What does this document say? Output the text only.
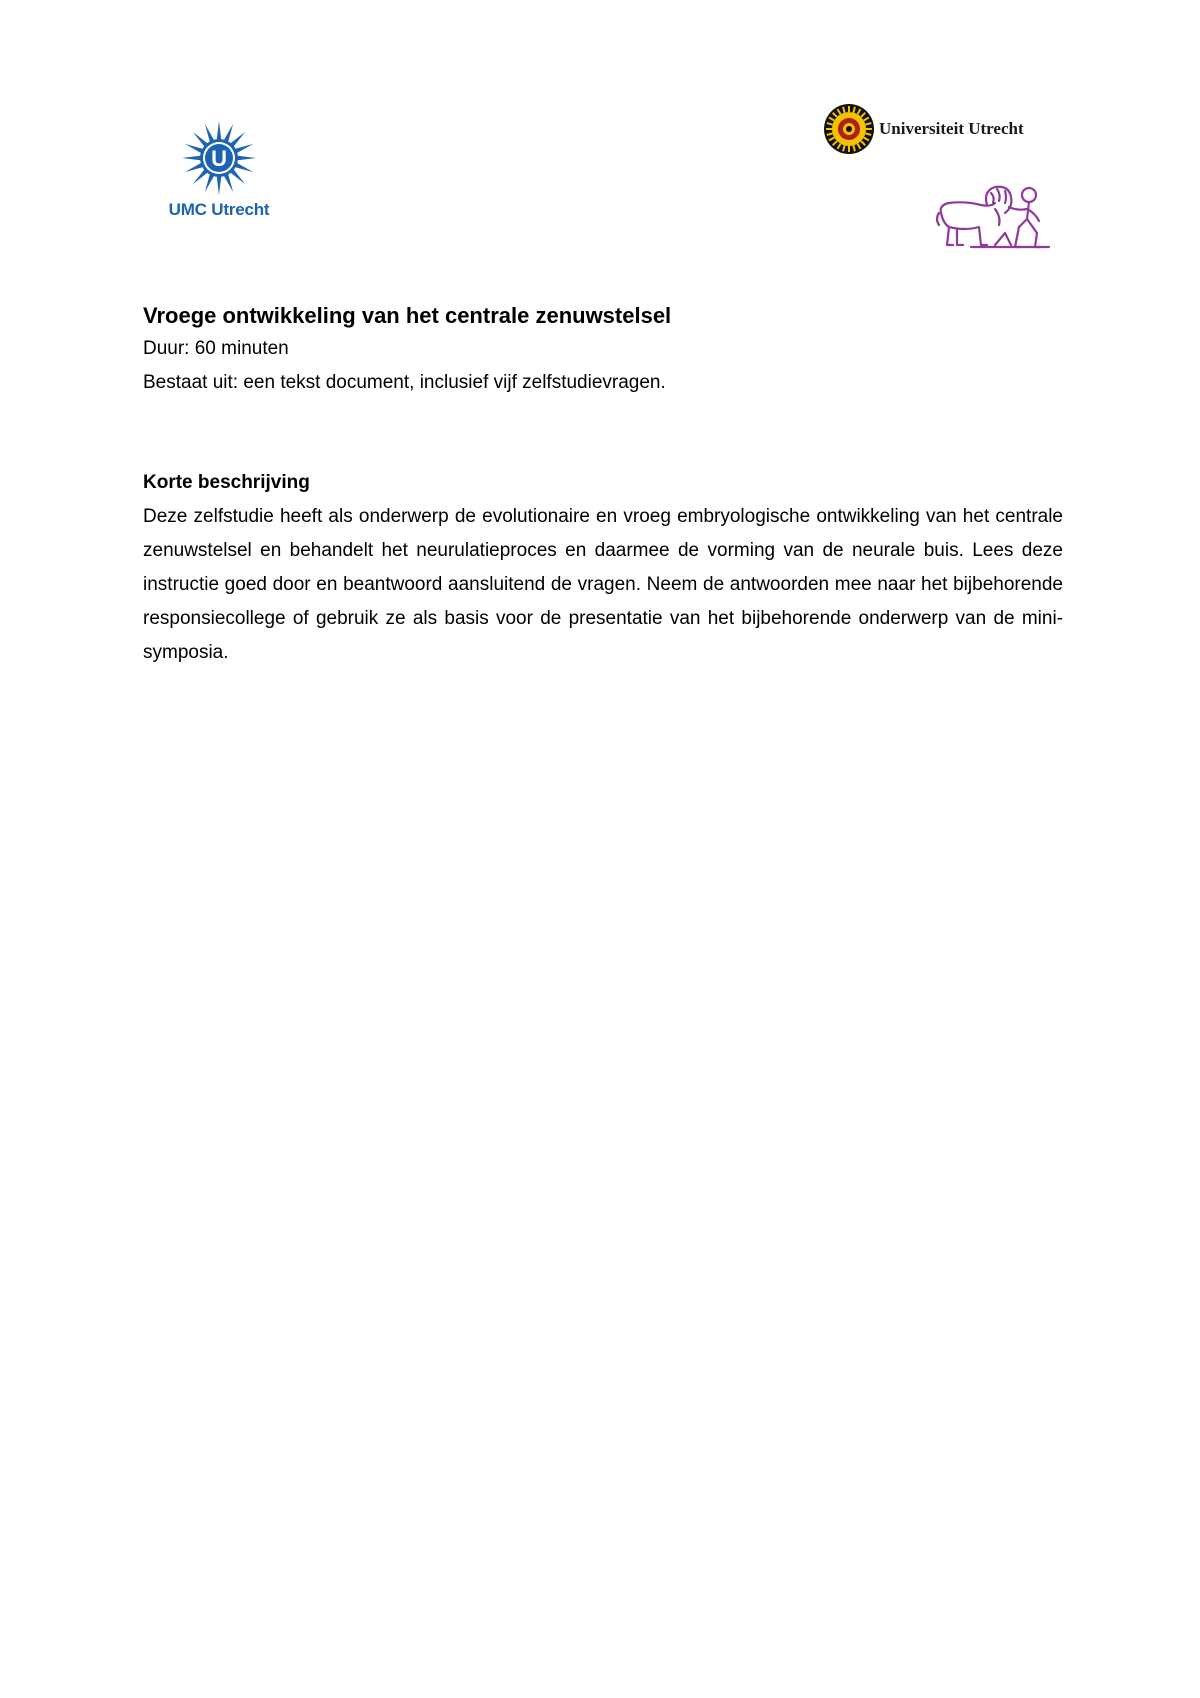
U
UMC Utrecht
Universiteit Utrecht
Vroege ontwikkeling van het centrale zenuwstelsel

Duur: 60 minuten

Bestaat uit: een tekst document, inclusief vijf zelfstudievragen.

Korte beschrijving

Deze zelfstudie heeft als onderwerp de evolutionaire en vroeg embryologische ontwikkeling van het centrale zenuwstelsel en behandelt het neurulatieproces en daarmee de vorming van de neurale buis. Lees deze instructie goed door en beantwoord aansluitend de vragen. Neem de antwoorden mee naar het bijbehorende responsiecollege of gebruik ze als basis voor de presentatie van het bijbehorende onderwerp van de mini-symposia.
